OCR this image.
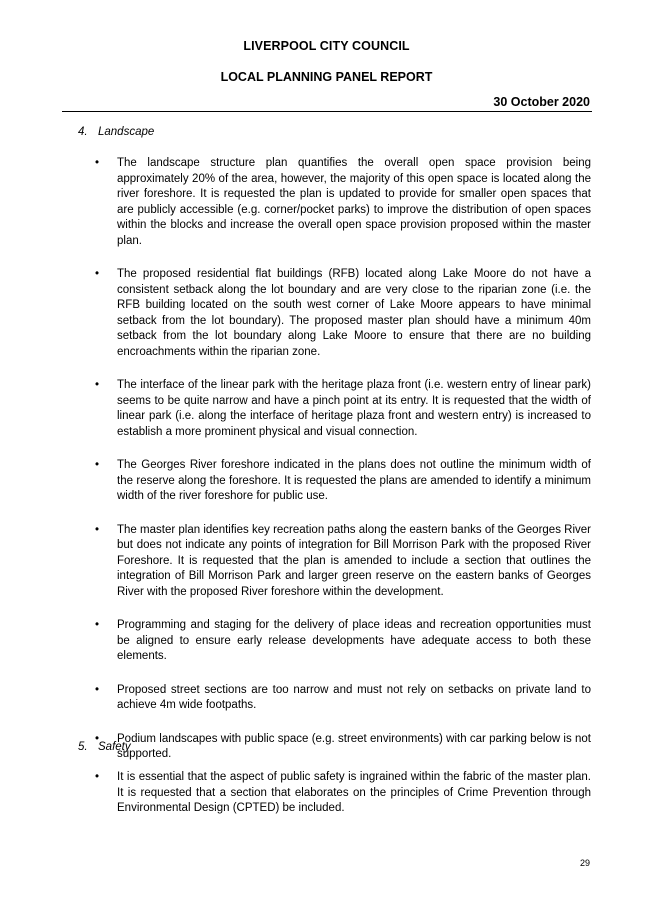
LIVERPOOL CITY COUNCIL
LOCAL PLANNING PANEL REPORT
30 October 2020
4. Landscape
• The landscape structure plan quantifies the overall open space provision being approximately 20% of the area, however, the majority of this open space is located along the river foreshore. It is requested the plan is updated to provide for smaller open spaces that are publicly accessible (e.g. corner/pocket parks) to improve the distribution of open spaces within the blocks and increase the overall open space provision proposed within the master plan.
• The proposed residential flat buildings (RFB) located along Lake Moore do not have a consistent setback along the lot boundary and are very close to the riparian zone (i.e. the RFB building located on the south west corner of Lake Moore appears to have minimal setback from the lot boundary). The proposed master plan should have a minimum 40m setback from the lot boundary along Lake Moore to ensure that there are no building encroachments within the riparian zone.
• The interface of the linear park with the heritage plaza front (i.e. western entry of linear park) seems to be quite narrow and have a pinch point at its entry. It is requested that the width of linear park (i.e. along the interface of heritage plaza front and western entry) is increased to establish a more prominent physical and visual connection.
• The Georges River foreshore indicated in the plans does not outline the minimum width of the reserve along the foreshore. It is requested the plans are amended to identify a minimum width of the river foreshore for public use.
• The master plan identifies key recreation paths along the eastern banks of the Georges River but does not indicate any points of integration for Bill Morrison Park with the proposed River Foreshore. It is requested that the plan is amended to include a section that outlines the integration of Bill Morrison Park and larger green reserve on the eastern banks of Georges River with the proposed River foreshore within the development.
• Programming and staging for the delivery of place ideas and recreation opportunities must be aligned to ensure early release developments have adequate access to both these elements.
• Proposed street sections are too narrow and must not rely on setbacks on private land to achieve 4m wide footpaths.
• Podium landscapes with public space (e.g. street environments) with car parking below is not supported.
5. Safety
• It is essential that the aspect of public safety is ingrained within the fabric of the master plan. It is requested that a section that elaborates on the principles of Crime Prevention through Environmental Design (CPTED) be included.
29
